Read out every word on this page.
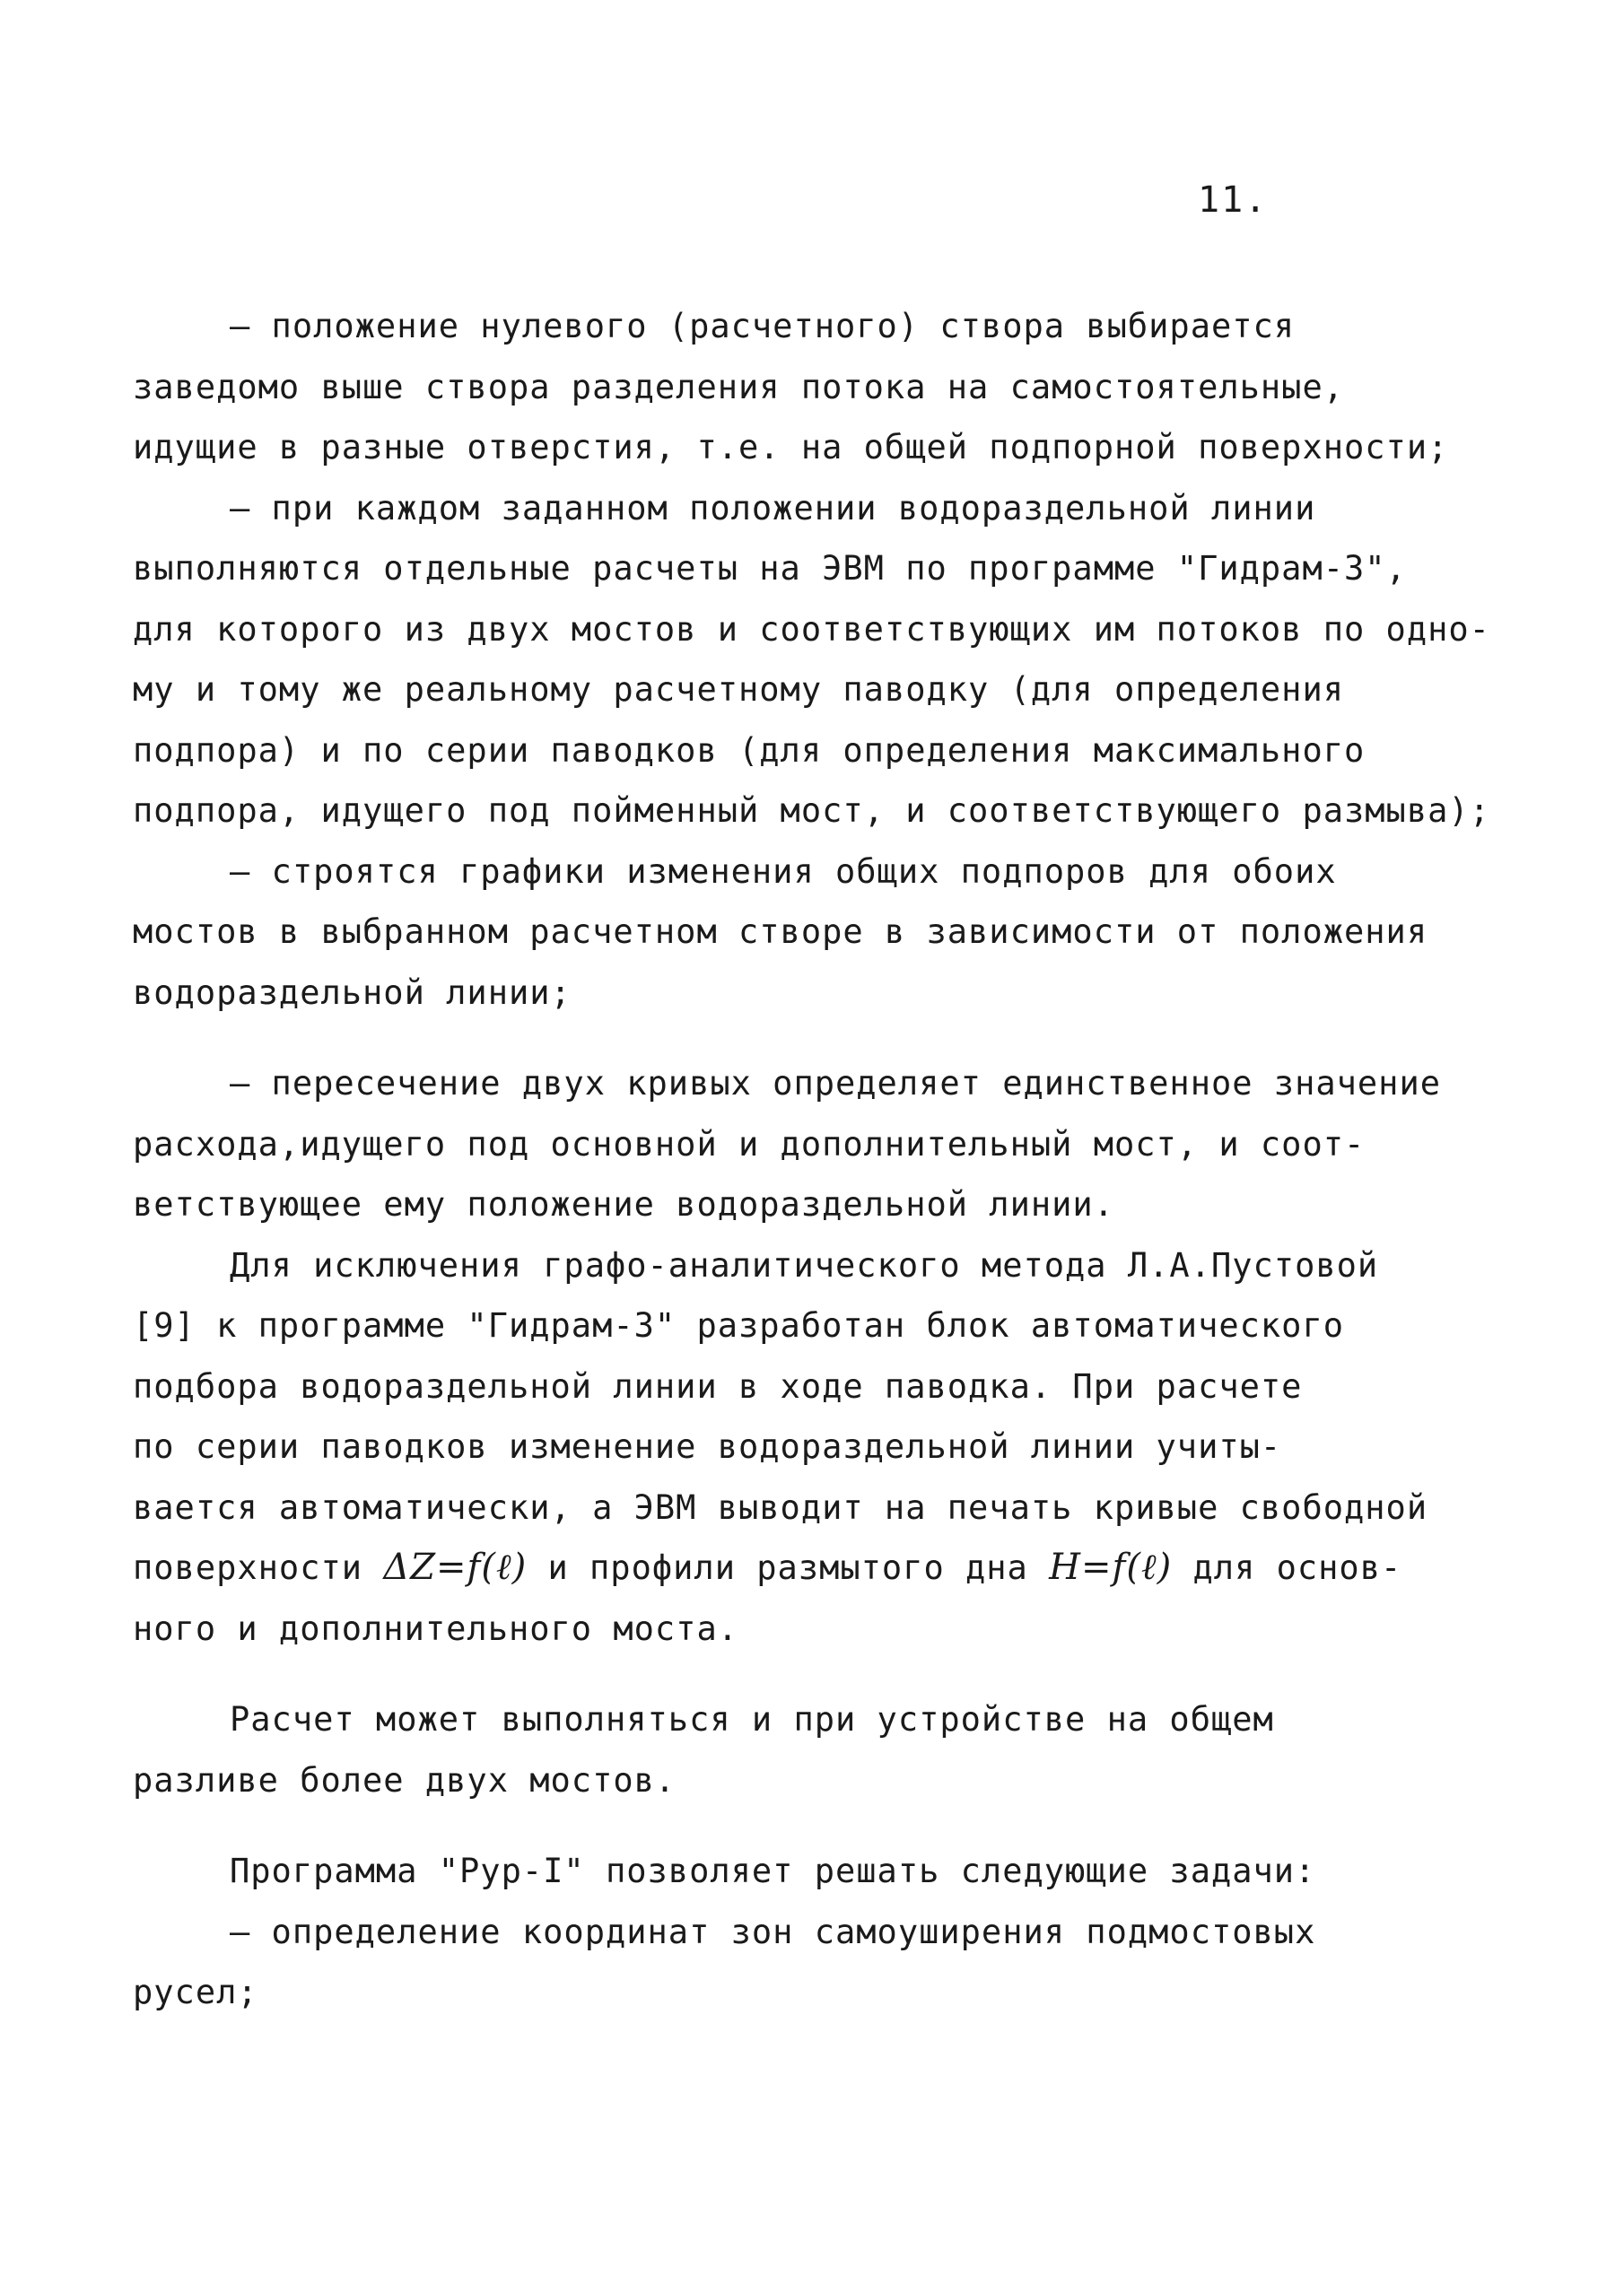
11.
– положение нулевого (расчетного) створа выбирается
заведомо выше створа разделения потока на самостоятельные,
идущие в разные отверстия, т.е. на общей подпорной поверхности;
– при каждом заданном положении водораздельной линии
выполняются отдельные расчеты на ЭВМ по программе "Гидрам-3",
для которого из двух мостов и соответствующих им потоков по одно-
му и тому же реальному расчетному паводку (для определения
подпора) и по серии паводков (для определения максимального
подпора, идущего под пойменный мост, и соответствующего размыва);
– строятся графики изменения общих подпоров для обоих
мостов в выбранном расчетном створе в зависимости от положения
водораздельной линии;
– пересечение двух кривых определяет единственное значение
расхода,идущего под основной и дополнительный мост, и соот-
ветствующее ему положение водораздельной линии.
Для исключения графо-аналитического метода Л.А.Пустовой
[9] к программе "Гидрам-3" разработан блок автоматического
подбора водораздельной линии в ходе паводка. При расчете
по серии паводков изменение водораздельной линии учиты-
вается автоматически, а ЭВМ выводит на печать кривые свободной
поверхности ΔZ=f(ℓ) и профили размытого дна H=f(ℓ) для основ-
ного и дополнительного моста.
Расчет может выполняться и при устройстве на общем
разливе более двух мостов.
Программа "Рур-I" позволяет решать следующие задачи:
– определение координат зон самоуширения подмостовых
русел;
